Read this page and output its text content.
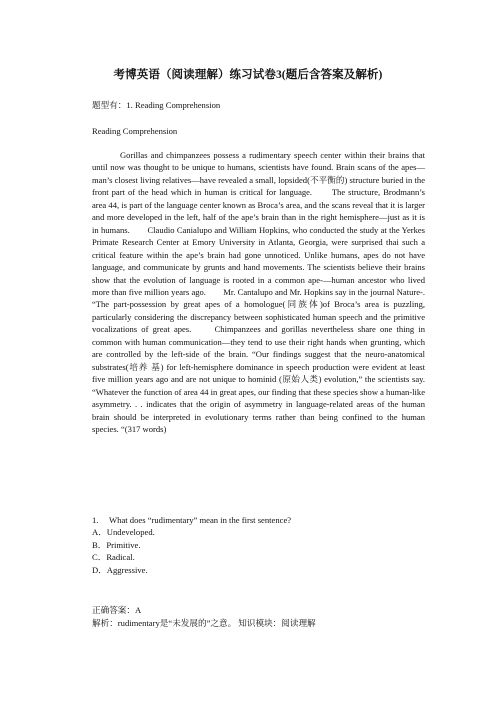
考博英语（阅读理解）练习试卷3(题后含答案及解析)
题型有：1. Reading Comprehension
Reading Comprehension

Gorillas and chimpanzees possess a rudimentary speech center within their brains that until now was thought to be unique to humans, scientists have found. Brain scans of the apes—man’s closest living relatives—have revealed a small, lopsided(不平衡的) structure buried in the front part of the head which in human is critical for language.　　The structure, Brodmann’s area 44, is part of the language center known as Broca’s area, and the scans reveal that it is larger and more developed in the left, half of the ape’s brain than in the right hemisphere—just as it is in humans.　　Claudio Canialupo and William Hopkins, who conducted the study at the Yerkes Primate Research Center at Emory University in Atlanta, Georgia, were surprised thai such a critical feature within the ape’s brain had gone unnoticed. Unlike humans, apes do not have language, and communicate by grunts and hand movements. The scientists believe their brains show that the evolution of language is rooted in a common ape-—human ancestor who lived more than five million years ago.　　Mr. Cantalupo and Mr. Hopkins say in the journal Nature-. “The part-possession by great apes of a homologue(同族体)of Broca’s area is puzzling, particularly considering the discrepancy between sophisticated human speech and the primitive vocalizations of great apes.　　Chimpanzees and gorillas nevertheless share one thing in common with human communication—they tend to use their right hands when grunting, which are controlled by the left-side of the brain. “Our findings suggest that the neuro-anatomical substrates(培养 基) for left-hemisphere dominance in speech production were evident at least five million years ago and are not unique to hominid (原始人类) evolution,” the scientists say. “Whatever the function of area 44 in great apes, our finding that these species show a human-like asymmetry. . . indicates that the origin of asymmetry in language-related areas of the human brain should be interpreted in evolutionary terms rather than being confined to the human species. “(317 words)

1.　 What does “rudimentary” mean in the first sentence?
A．Undeveloped.
B．Primitive.
C．Radical.
D．Aggressive.
正确答案：A
解析：rudimentary是“未发展的”之意。 知识模块：阅读理解
